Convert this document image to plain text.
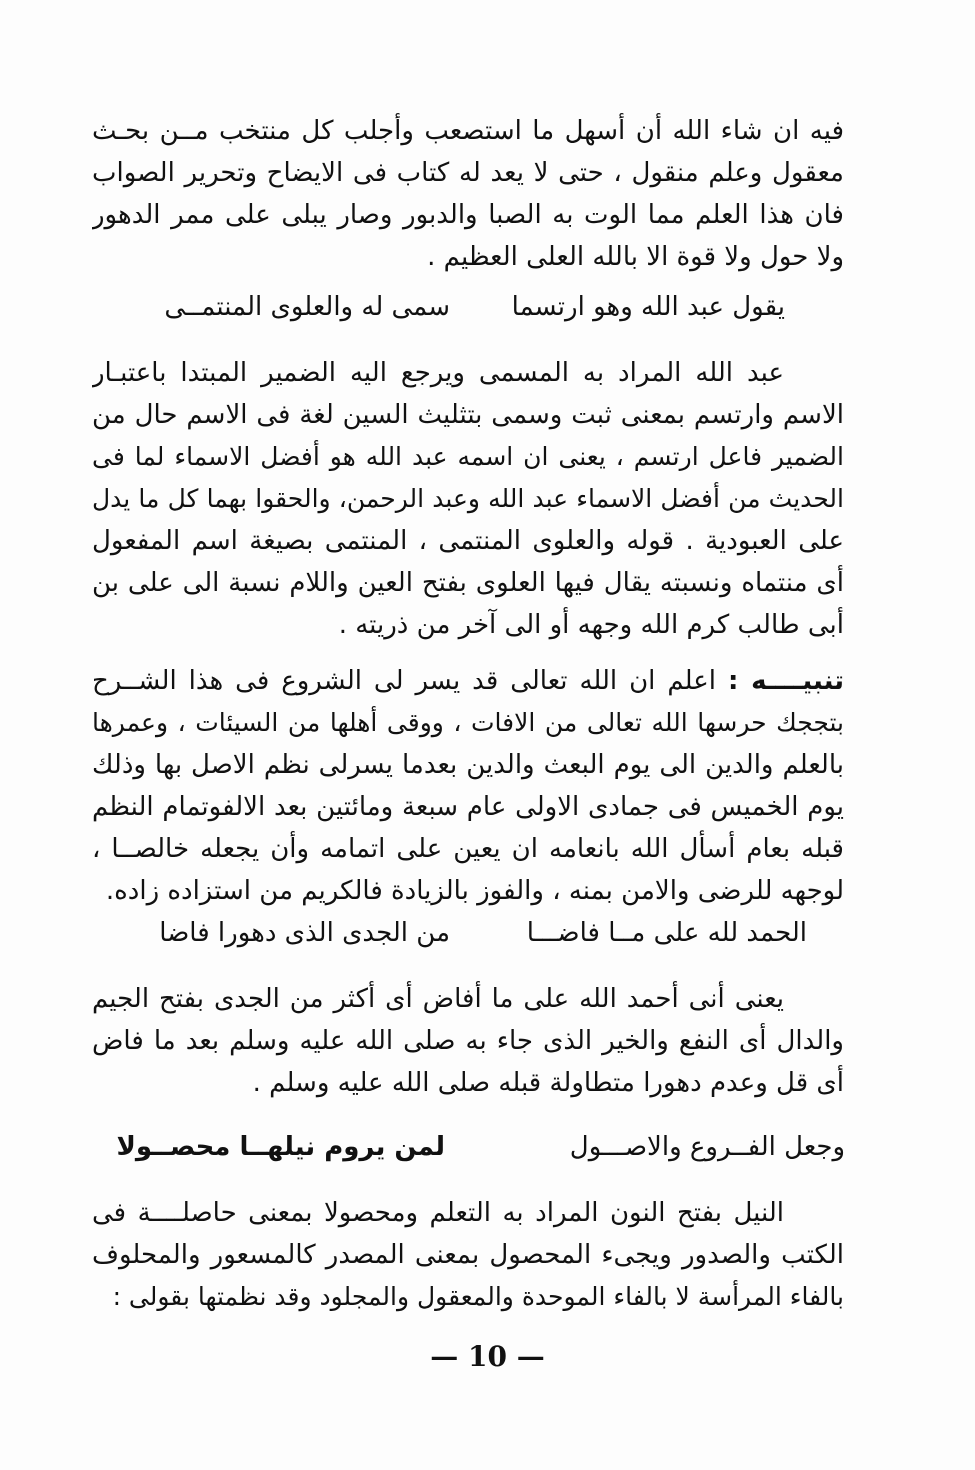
فيه ان شاء الله أن أسهل ما استصعب وأجلب كل منتخب مــن بحـث
معقول وعلم منقول ، حتى لا يعد له كتاب فى الايضاح وتحرير الصواب
فان هذا العلم مما الوت به الصبا والدبور وصار يبلى على ممر الدهور
ولا حول ولا قوة الا بالله العلى العظيم .
يقول عبد الله وهو ارتسما
سمى له والعلوى المنتمــى
عبد الله المراد به المسمى ويرجع اليه الضمير المبتدا باعتبـار
الاسم وارتسم بمعنى ثبت وسمى بتثليث السين لغة فى الاسم حال من
الضمير فاعل ارتسم ، يعنى ان اسمه عبد الله هو أفضل الاسماء لما فى
الحديث من أفضل الاسماء عبد الله وعبد الرحمن، والحقوا بهما كل ما يدل
على العبودية . قوله والعلوى المنتمى ، المنتمى بصيغة اسم المفعول
أى منتماه ونسبته يقال فيها العلوى بفتح العين واللام نسبة الى على بن
أبى طالب كرم الله وجهه أو الى آخر من ذريته .
تنبيــــه : اعلم ان الله تعالى قد يسر لى الشروع فى هذا الشــرح
بتججك حرسها الله تعالى من الافات ، ووقى أهلها من السيئات ، وعمرها
بالعلم والدين الى يوم البعث والدين بعدما يسرلى نظم الاصل بها وذلك
يوم الخميس فى جمادى الاولى عام سبعة ومائتين بعد الالفوتمام النظم
قبله بعام أسأل الله بانعامه ان يعين على اتمامه وأن يجعله خالصــا ،
لوجهه للرضى والامن بمنه ، والفوز بالزيادة فالكريم من استزاده زاده.
الحمد لله على مــا فاضـــا
من الجدى الذى دهورا فاضا
يعنى أنى أحمد الله على ما أفاض أى أكثر من الجدى بفتح الجيم
والدال أى النفع والخير الذى جاء به صلى الله عليه وسلم بعد ما فاض
أى قل وعدم دهورا متطاولة قبله صلى الله عليه وسلم .
وجعل الفــروع والاصـــول
لمن يروم نيلهــا محصــولا
النيل بفتح النون المراد به التعلم ومحصولا بمعنى حاصلــــة فى
الكتب والصدور ويجىء المحصول بمعنى المصدر كالمسعور والمحلوف
بالفاء المرأسة لا بالفاء الموحدة والمعقول والمجلود وقد نظمتها بقولى :
— 10 —
